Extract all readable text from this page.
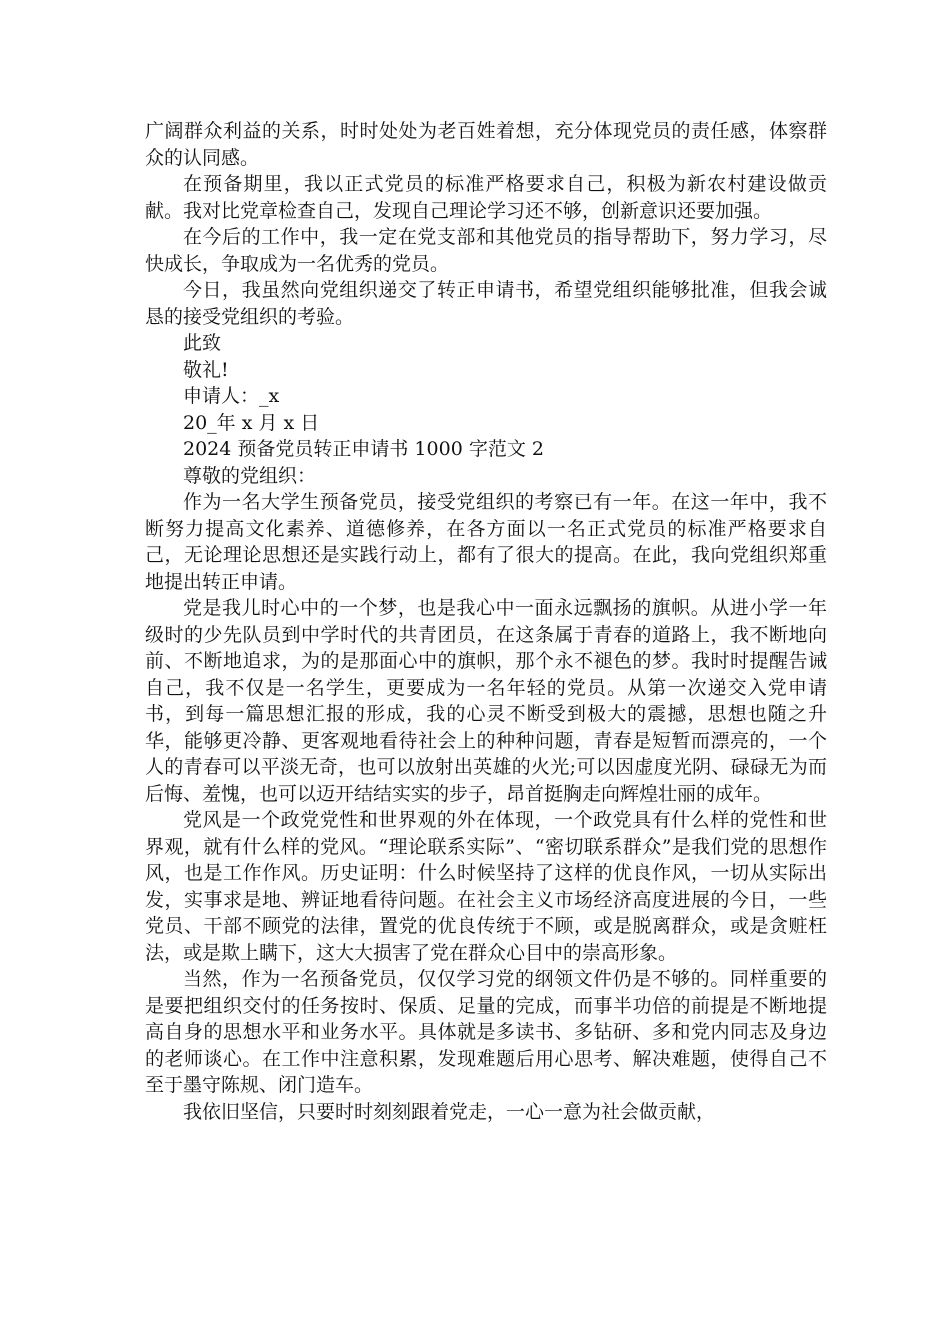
广阔群众利益的关系，时时处处为老百姓着想，充分体现党员的责任感，体察群众的认同感。

在预备期里，我以正式党员的标准严格要求自己，积极为新农村建设做贡献。我对比党章检查自己，发现自己理论学习还不够，创新意识还要加强。

在今后的工作中，我一定在党支部和其他党员的指导帮助下，努力学习，尽快成长，争取成为一名优秀的党员。

今日，我虽然向党组织递交了转正申请书，希望党组织能够批准，但我会诚恳的接受党组织的考验。

此致

敬礼!

申请人：_x

20_年 x 月 x 日

2024 预备党员转正申请书 1000 字范文 2

尊敬的党组织：

作为一名大学生预备党员，接受党组织的考察已有一年。在这一年中，我不断努力提高文化素养、道德修养，在各方面以一名正式党员的标准严格要求自己，无论理论思想还是实践行动上，都有了很大的提高。在此，我向党组织郑重地提出转正申请。

党是我儿时心中的一个梦，也是我心中一面永远飘扬的旗帜。从进小学一年级时的少先队员到中学时代的共青团员，在这条属于青春的道路上，我不断地向前、不断地追求，为的是那面心中的旗帜，那个永不褪色的梦。我时时提醒告诫自己，我不仅是一名学生，更要成为一名年轻的党员。从第一次递交入党申请书，到每一篇思想汇报的形成，我的心灵不断受到极大的震撼，思想也随之升华，能够更冷静、更客观地看待社会上的种种问题，青春是短暂而漂亮的，一个人的青春可以平淡无奇，也可以放射出英雄的火光;可以因虚度光阴、碌碌无为而后悔、羞愧，也可以迈开结结实实的步子，昂首挺胸走向辉煌壮丽的成年。

党风是一个政党党性和世界观的外在体现，一个政党具有什么样的党性和世界观，就有什么样的党风。“理论联系实际”、“密切联系群众”是我们党的思想作风，也是工作作风。历史证明：什么时候坚持了这样的优良作风，一切从实际出发，实事求是地、辨证地看待问题。在社会主义市场经济高度进展的今日，一些党员、干部不顾党的法律，置党的优良传统于不顾，或是脱离群众，或是贪赃枉法，或是欺上瞒下，这大大损害了党在群众心目中的崇高形象。

当然，作为一名预备党员，仅仅学习党的纲领文件仍是不够的。同样重要的是要把组织交付的任务按时、保质、足量的完成，而事半功倍的前提是不断地提高自身的思想水平和业务水平。具体就是多读书、多钻研、多和党内同志及身边的老师谈心。在工作中注意积累，发现难题后用心思考、解决难题，使得自己不至于墨守陈规、闭门造车。

我依旧坚信，只要时时刻刻跟着党走，一心一意为社会做贡献，
